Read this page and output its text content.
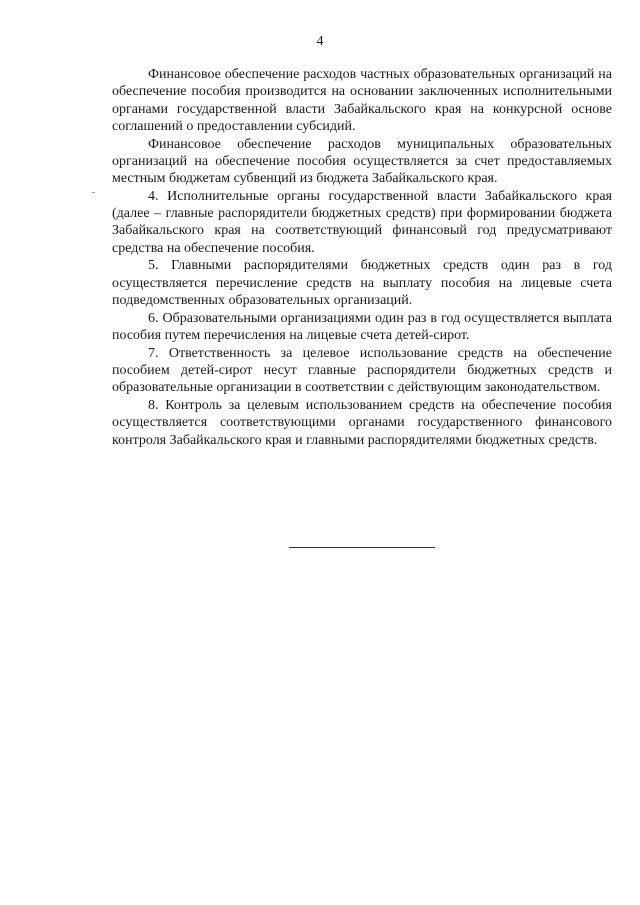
4

Финансовое обеспечение расходов частных образовательных организаций на обеспечение пособия производится на основании заключенных исполнительными органами государственной власти Забайкальского края на конкурсной основе соглашений о предоставлении субсидий.

Финансовое обеспечение расходов муниципальных образовательных организаций на обеспечение пособия осуществляется за счет предоставляемых местным бюджетам субвенций из бюджета Забайкальского края.

4. Исполнительные органы государственной власти Забайкальского края (далее – главные распорядители бюджетных средств) при формировании бюджета Забайкальского края на соответствующий финансовый год предусматривают средства на обеспечение пособия.

5. Главными распорядителями бюджетных средств один раз в год осуществляется перечисление средств на выплату пособия на лицевые счета подведомственных образовательных организаций.

6. Образовательными организациями один раз в год осуществляется выплата пособия путем перечисления на лицевые счета детей-сирот.

7. Ответственность за целевое использование средств на обеспечение пособием детей-сирот несут главные распорядители бюджетных средств и образовательные организации в соответствии с действующим законодательством.

8. Контроль за целевым использованием средств на обеспечение пособия осуществляется соответствующими органами государственного финансового контроля Забайкальского края и главными распорядителями бюджетных средств.
